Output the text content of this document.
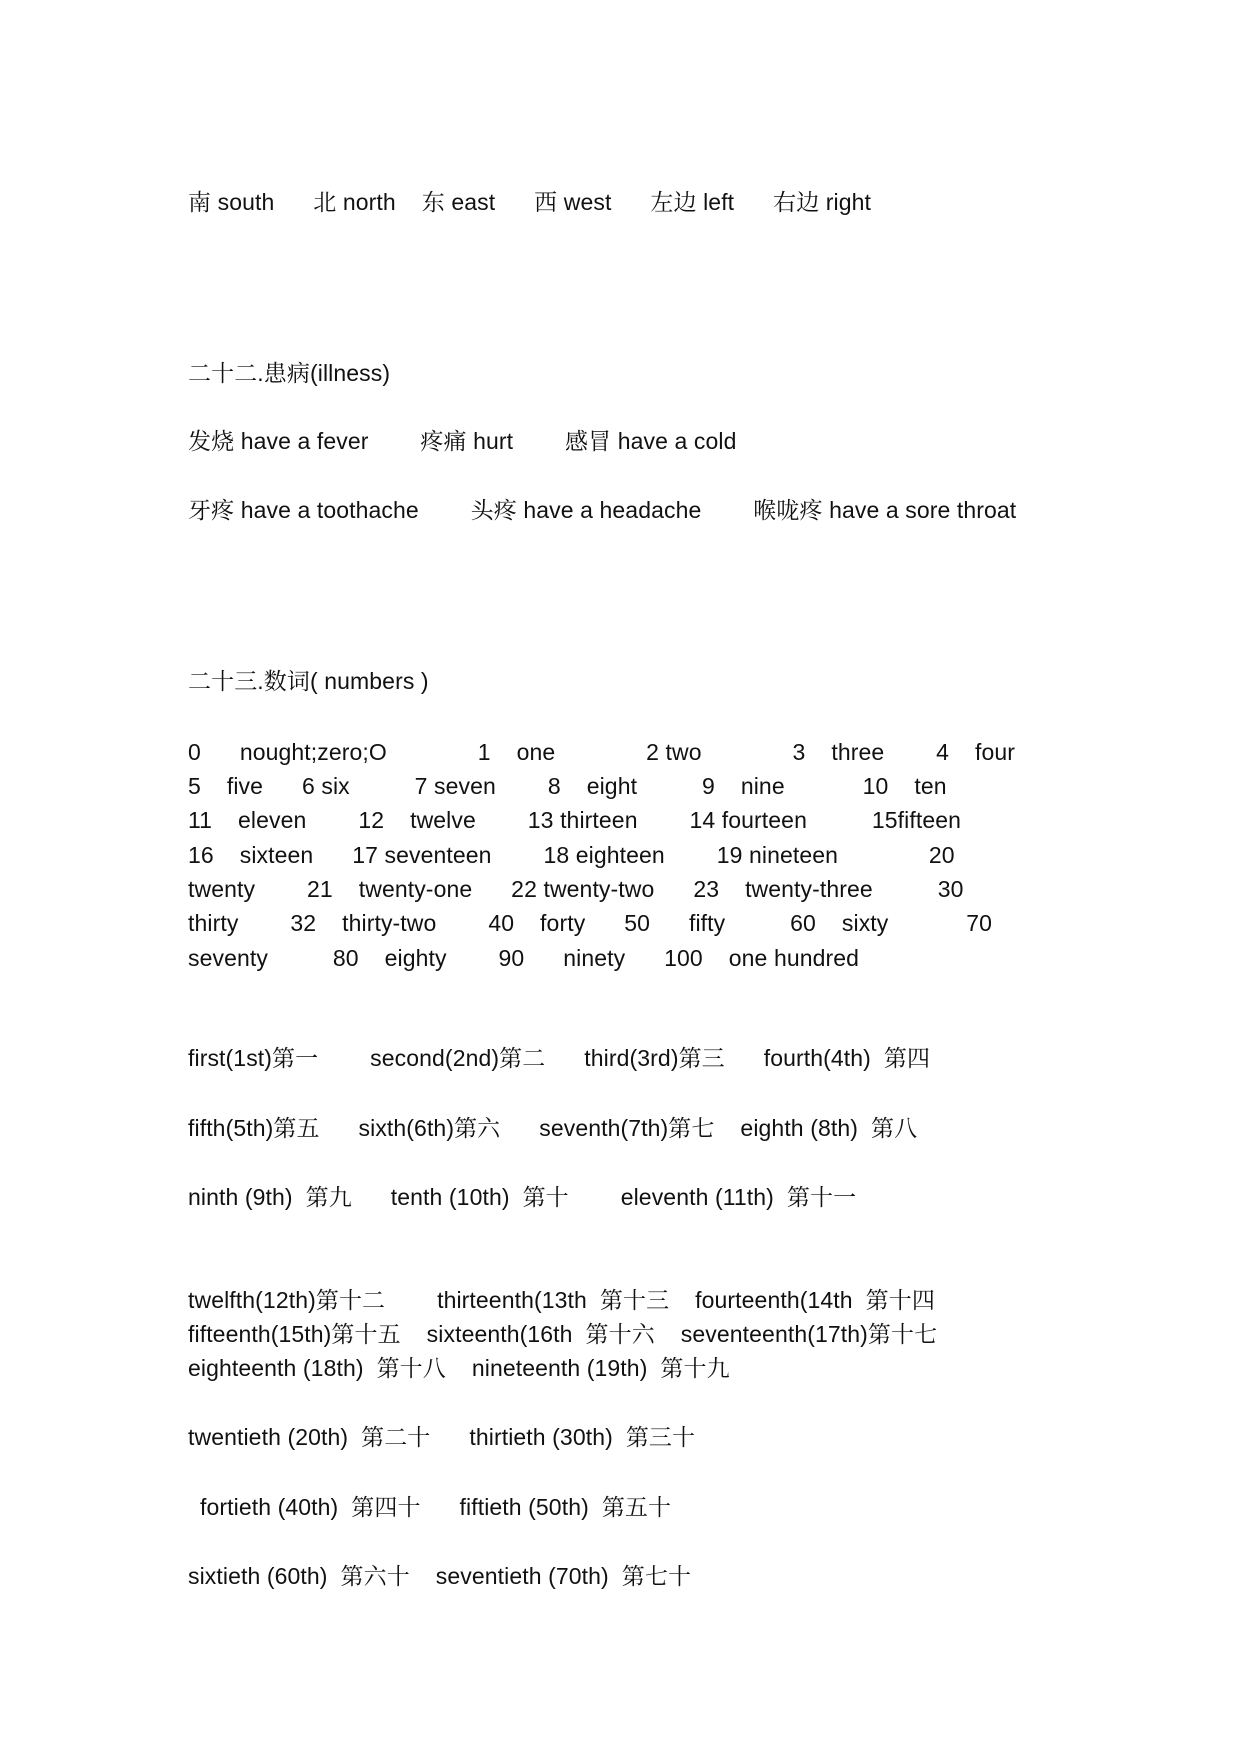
南 south      北 north    东 east      西 west      左边 left      右边 right
二十二.患病(illness)
发烧 have a fever        疼痛 hurt        感冒 have a cold
牙疼 have a toothache        头疼 have a headache        喉咙疼 have a sore throat
二十三.数词( numbers )
0      nought;zero;O              1    one              2 two              3    three        4    four
5    five      6 six          7 seven        8    eight          9    nine            10    ten
11    eleven        12    twelve        13 thirteen        14 fourteen          15fifteen
16    sixteen      17 seventeen        18 eighteen        19 nineteen              20
twenty        21    twenty-one      22 twenty-two      23    twenty-three          30
thirty        32    thirty-two        40    forty      50      fifty          60    sixty            70
seventy          80    eighty        90      ninety      100    one hundred
first(1st)第一        second(2nd)第二      third(3rd)第三      fourth(4th)  第四
fifth(5th)第五      sixth(6th)第六      seventh(7th)第七    eighth (8th)  第八
ninth (9th)  第九      tenth (10th)  第十        eleventh (11th)  第十一
twelfth(12th)第十二        thirteenth(13th  第十三    fourteenth(14th  第十四
fifteenth(15th)第十五    sixteenth(16th  第十六    seventeenth(17th)第十七
eighteenth (18th)  第十八    nineteenth (19th)  第十九
twentieth (20th)  第二十      thirtieth (30th)  第三十
fortieth (40th)  第四十      fiftieth (50th)  第五十
sixtieth (60th)  第六十    seventieth (70th)  第七十
